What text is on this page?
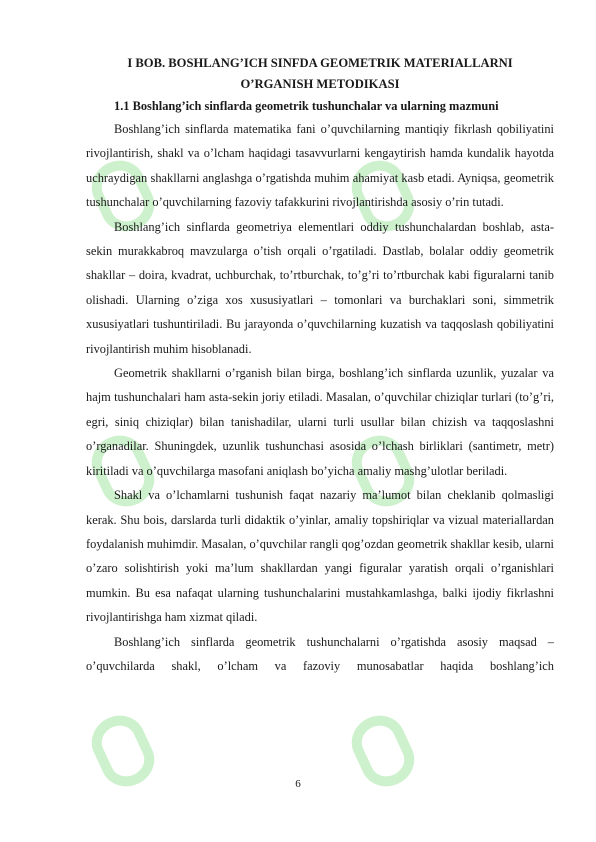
I BOB. BOSHLANG’ICH SINFDA GEOMETRIK MATERIALLARNI

O’RGANISH METODIKASI

1.1 Boshlang’ich sinflarda geometrik tushunchalar va ularning mazmuni

Boshlang’ich sinflarda matematika fani o’quvchilarning mantiqiy fikrlash qobiliyatini rivojlantirish, shakl va o’lcham haqidagi tasavvurlarni kengaytirish hamda kundalik hayotda uchraydigan shakllarni anglashga o’rgatishda muhim ahamiyat kasb etadi. Ayniqsa, geometrik tushunchalar o’quvchilarning fazoviy tafakkurini rivojlantirishda asosiy o’rin tutadi.

Boshlang’ich sinflarda geometriya elementlari oddiy tushunchalardan boshlab, asta-sekin murakkabroq mavzularga o’tish orqali o’rgatiladi. Dastlab, bolalar oddiy geometrik shakllar – doira, kvadrat, uchburchak, to’rtburchak, to’g’ri to’rtburchak kabi figuralarni tanib olishadi. Ularning o’ziga xos xususiyatlari – tomonlari va burchaklari soni, simmetrik xususiyatlari tushuntiriladi. Bu jarayonda o’quvchilarning kuzatish va taqqoslash qobiliyatini rivojlantirish muhim hisoblanadi.

Geometrik shakllarni o’rganish bilan birga, boshlang’ich sinflarda uzunlik, yuzalar va hajm tushunchalari ham asta-sekin joriy etiladi. Masalan, o’quvchilar chiziqlar turlari (to’g’ri, egri, siniq chiziqlar) bilan tanishadilar, ularni turli usullar bilan chizish va taqqoslashni o’rganadilar. Shuningdek, uzunlik tushunchasi asosida o’lchash birliklari (santimetr, metr) kiritiladi va o’quvchilarga masofani aniqlash bo’yicha amaliy mashg’ulotlar beriladi.

Shakl va o’lchamlarni tushunish faqat nazariy ma’lumot bilan cheklanib qolmasligi kerak. Shu bois, darslarda turli didaktik o’yinlar, amaliy topshiriqlar va vizual materiallardan foydalanish muhimdir. Masalan, o’quvchilar rangli qog’ozdan geometrik shakllar kesib, ularni o’zaro solishtirish yoki ma’lum shakllardan yangi figuralar yaratish orqali o’rganishlari mumkin. Bu esa nafaqat ularning tushunchalarini mustahkamlashga, balki ijodiy fikrlashni rivojlantirishga ham xizmat qiladi.

Boshlang’ich sinflarda geometrik tushunchalarni o’rgatishda asosiy maqsad – o’quvchilarda shakl, o’lcham va fazoviy munosabatlar haqida boshlang’ich

6
